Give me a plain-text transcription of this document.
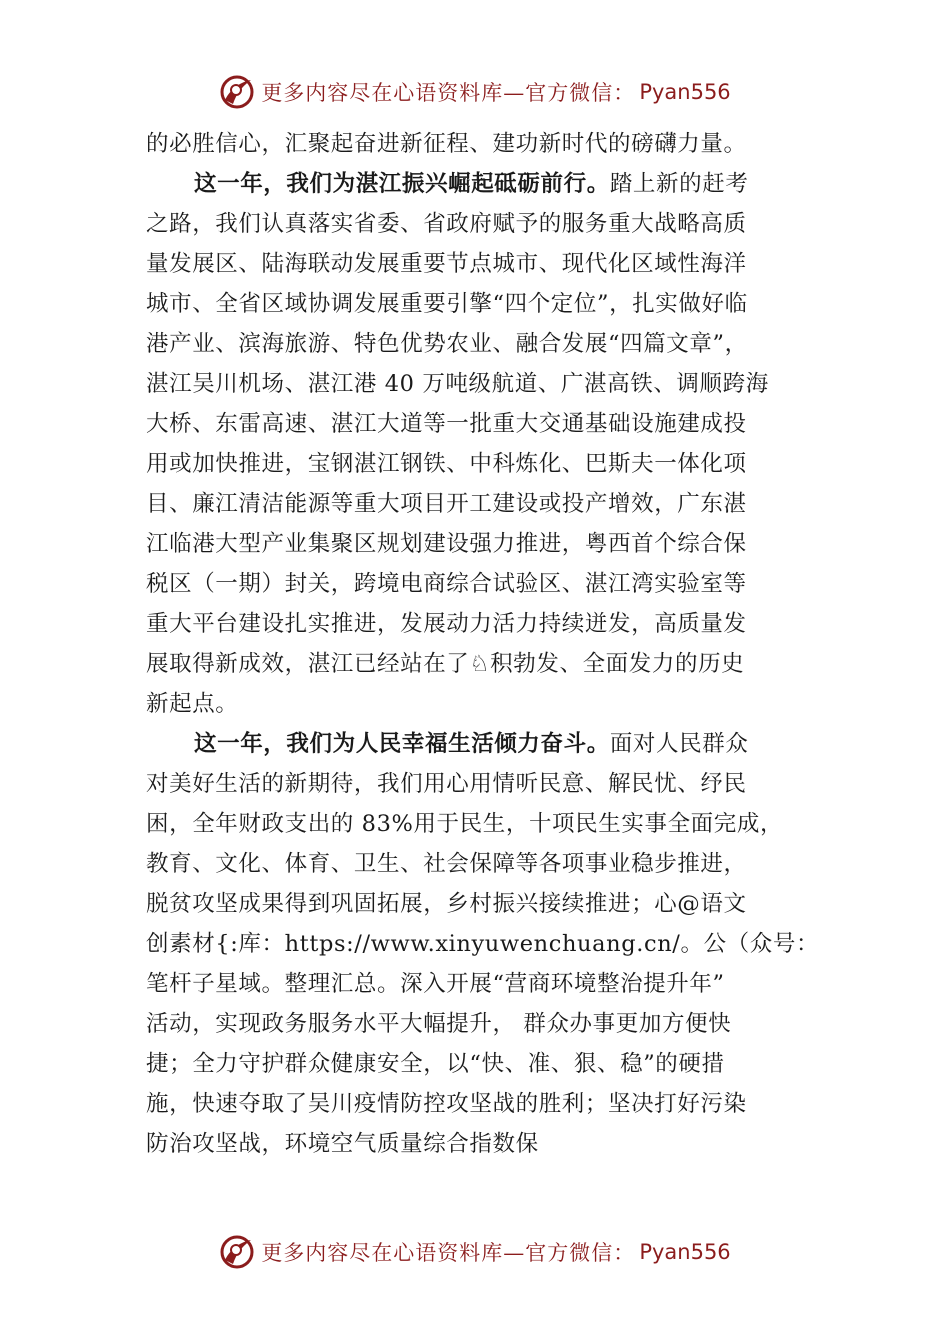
更多内容尽在心语资料库—官方微信： Pyan556
的必胜信心，汇聚起奋进新征程、建功新时代的磅礴力量。
这一年，我们为湛江振兴崛起砥砺前行。踏上新的赶考
之路，我们认真落实省委、省政府赋予的服务重大战略高质
量发展区、陆海联动发展重要节点城市、现代化区域性海洋
城市、全省区域协调发展重要引擎“四个定位”，扎实做好临
港产业、滨海旅游、特色优势农业、融合发展“四篇文章”，
湛江吴川机场、湛江港 40 万吨级航道、广湛高铁、调顺跨海
大桥、东雷高速、湛江大道等一批重大交通基础设施建成投
用或加快推进，宝钢湛江钢铁、中科炼化、巴斯夫一体化项
目、廉江清洁能源等重大项目开工建设或投产增效，广东湛
江临港大型产业集聚区规划建设强力推进，粤西首个综合保
税区（一期）封关，跨境电商综合试验区、湛江湾实验室等
重大平台建设扎实推进，发展动力活力持续迸发，高质量发
展取得新成效，湛江已经站在了♘积勃发、全面发力的历史
新起点。
这一年，我们为人民幸福生活倾力奋斗。面对人民群众
对美好生活的新期待，我们用心用情听民意、解民忧、纾民
困，全年财政支出的 83%用于民生，十项民生实事全面完成，
教育、文化、体育、卫生、社会保障等各项事业稳步推进，
脱贫攻坚成果得到巩固拓展，乡村振兴接续推进；心@语文
创素材{:库：https://www.xinyuwenchuang.cn/。公（众号：
笔杆子星域。整理汇总。深入开展“营商环境整治提升年”
活动，实现政务服务水平大幅提升， 群众办事更加方便快
捷；全力守护群众健康安全，以“快、准、狠、稳”的硬措
施，快速夺取了吴川疫情防控攻坚战的胜利；坚决打好污染
防治攻坚战，环境空气质量综合指数保
更多内容尽在心语资料库—官方微信： Pyan556
